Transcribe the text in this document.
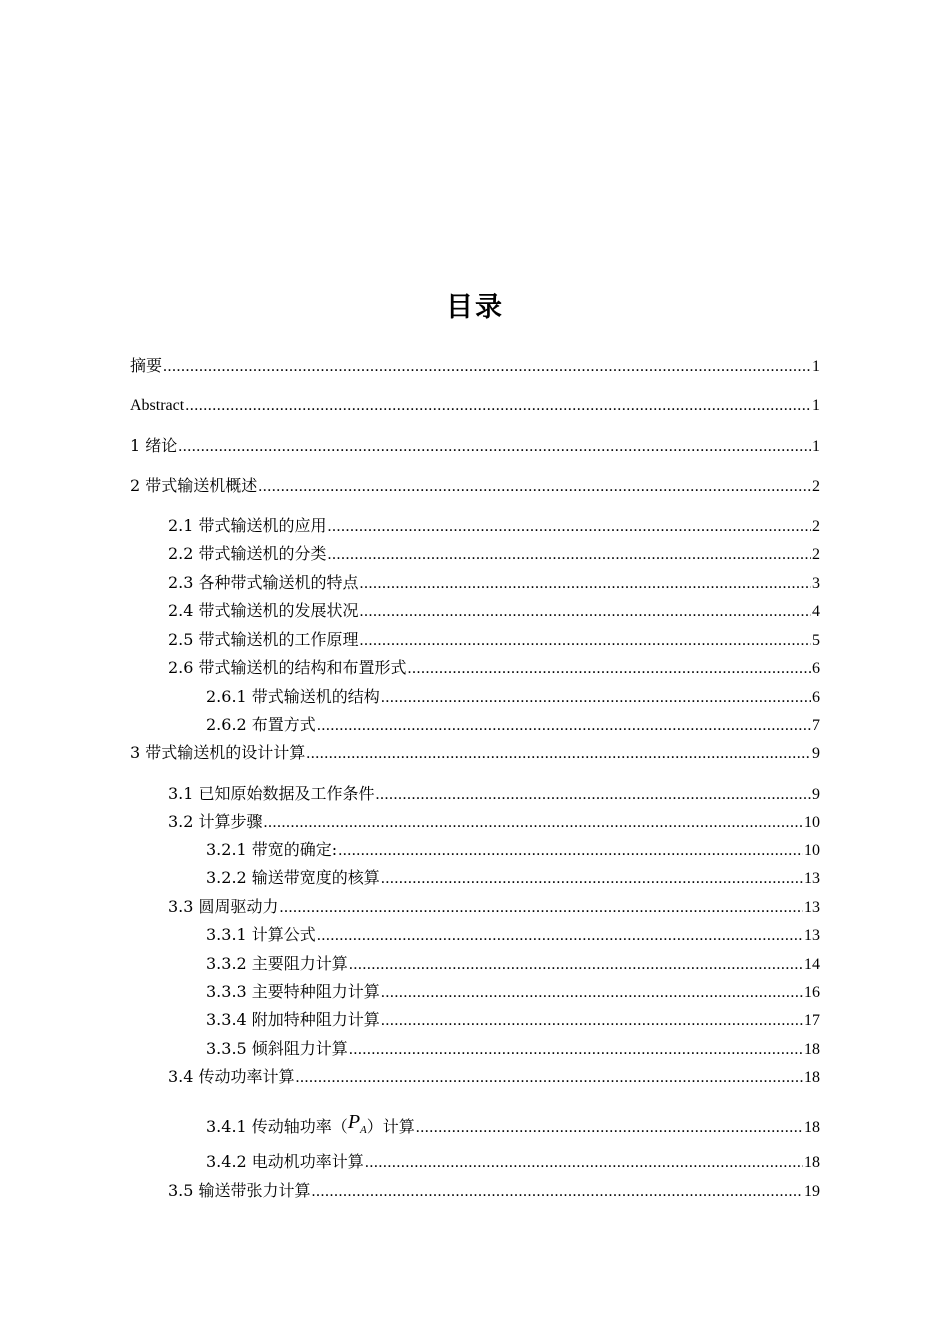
目录
摘要 .....	1
Abstract .....	1
1 绪论 .....	1
2 带式输送机概述 .....	2
2.1 带式输送机的应用 .....	2
2.2 带式输送机的分类 .....	2
2.3 各种带式输送机的特点 .....	3
2.4 带式输送机的发展状况 .....	4
2.5 带式输送机的工作原理 .....	5
2.6 带式输送机的结构和布置形式 .....	6
2.6.1 带式输送机的结构 .....	6
2.6.2 布置方式 .....	7
3 带式输送机的设计计算 .....	9
3.1 已知原始数据及工作条件 .....	9
3.2 计算步骤 .....	10
3.2.1 带宽的确定: .....	10
3.2.2 输送带宽度的核算 .....	13
3.3 圆周驱动力 .....	13
3.3.1 计算公式 .....	13
3.3.2 主要阻力计算 .....	14
3.3.3 主要特种阻力计算 .....	16
3.3.4 附加特种阻力计算 .....	17
3.3.5 倾斜阻力计算 .....	18
3.4 传动功率计算 .....	18
3.4.1 传动轴功率$(P_A)$计算 .....	18
3.4.2 电动机功率计算 .....	18
3.5 输送带张力计算 .....	19
